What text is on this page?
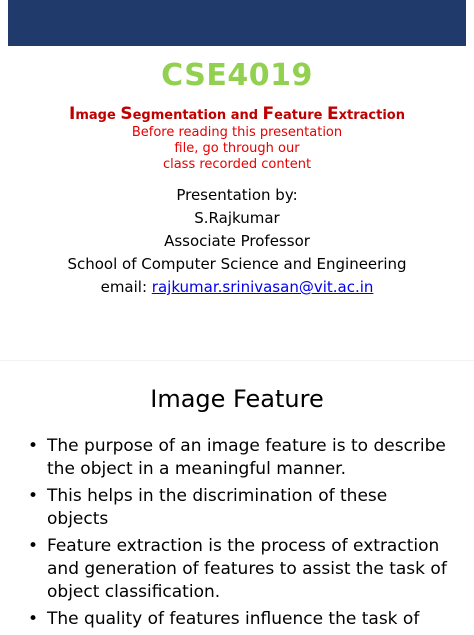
CSE4019
Image Segmentation and Feature Extraction
Before reading this presentation
file, go through our
class recorded content
Presentation by:
S.Rajkumar
Associate Professor
School of Computer Science and Engineering
email: rajkumar.srinivasan@vit.ac.in
Image Feature
• The purpose of an image feature is to describe
the object in a meaningful manner.
• This helps in the discrimination of these
objects
• Feature extraction is the process of extraction
and generation of features to assist the task of
object classification.
• The quality of features influence the task of
